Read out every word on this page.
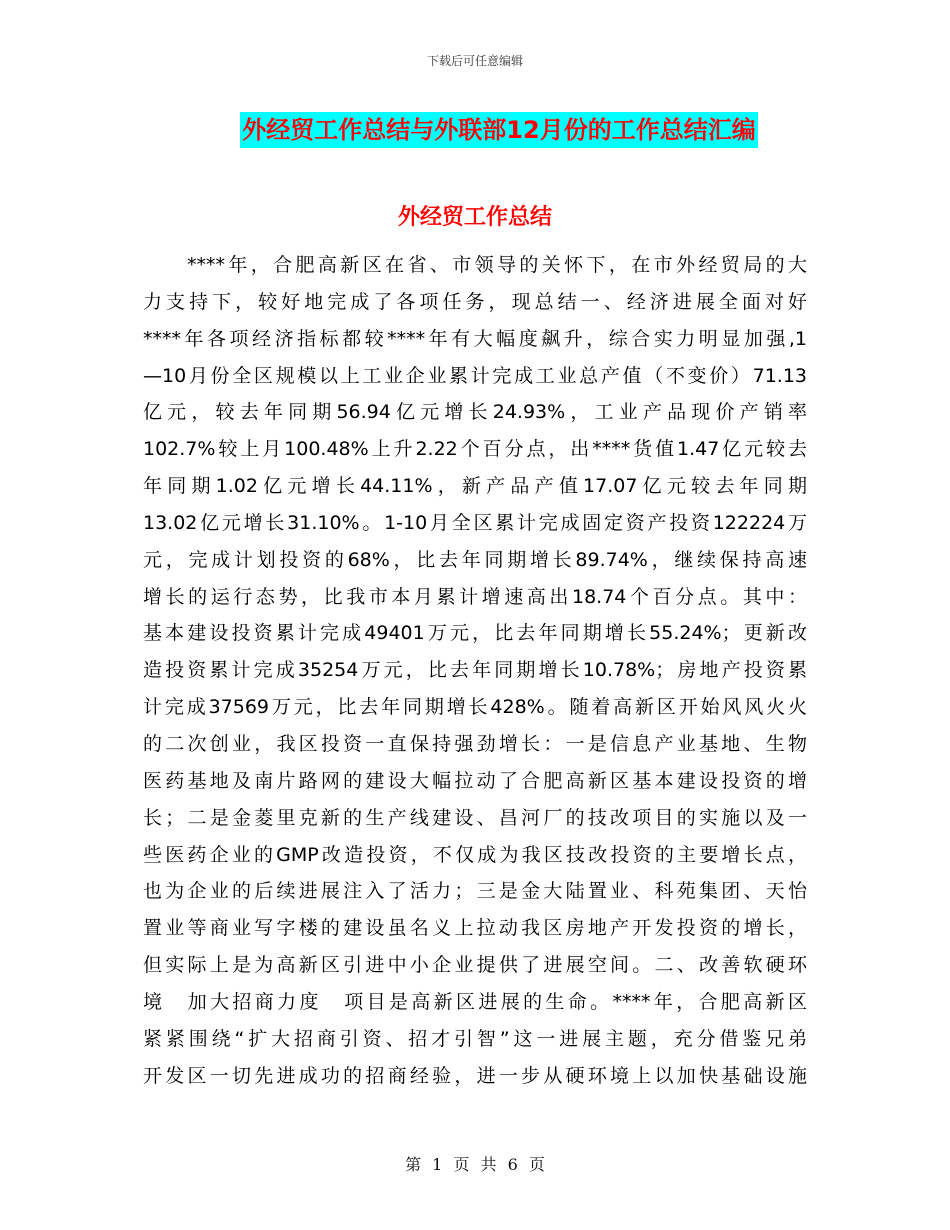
下载后可任意编辑
外经贸工作总结与外联部12月份的工作总结汇编
外经贸工作总结
****年，合肥高新区在省、市领导的关怀下，在市外经贸局的大
力支持下，较好地完成了各项任务，现总结一、经济进展全面对好
****年各项经济指标都较****年有大幅度飙升，综合实力明显加强,1
—10月份全区规模以上工业企业累计完成工业总产值（不变价）71.13
亿元，较去年同期56.94亿元增长24.93%，工业产品现价产销率
102.7%较上月100.48%上升2.22个百分点，出****货值1.47亿元较去
年同期1.02亿元增长44.11%，新产品产值17.07亿元较去年同期
13.02亿元增长31.10%。1-10月全区累计完成固定资产投资122224万
元，完成计划投资的68%，比去年同期增长89.74%，继续保持高速
增长的运行态势，比我市本月累计增速高出18.74个百分点。其中：
基本建设投资累计完成49401万元，比去年同期增长55.24%；更新改
造投资累计完成35254万元，比去年同期增长10.78%；房地产投资累
计完成37569万元，比去年同期增长428%。随着高新区开始风风火火
的二次创业，我区投资一直保持强劲增长：一是信息产业基地、生物
医药基地及南片路网的建设大幅拉动了合肥高新区基本建设投资的增
长；二是金菱里克新的生产线建设、昌河厂的技改项目的实施以及一
些医药企业的GMP改造投资，不仅成为我区技改投资的主要增长点，
也为企业的后续进展注入了活力；三是金大陆置业、科苑集团、天怡
置业等商业写字楼的建设虽名义上拉动我区房地产开发投资的增长，
但实际上是为高新区引进中小企业提供了进展空间。二、改善软硬环
境　加大招商力度　项目是高新区进展的生命。****年，合肥高新区
紧紧围绕“扩大招商引资、招才引智”这一进展主题，充分借鉴兄弟
开发区一切先进成功的招商经验，进一步从硬环境上以加快基础设施
第 1 页 共 6 页
